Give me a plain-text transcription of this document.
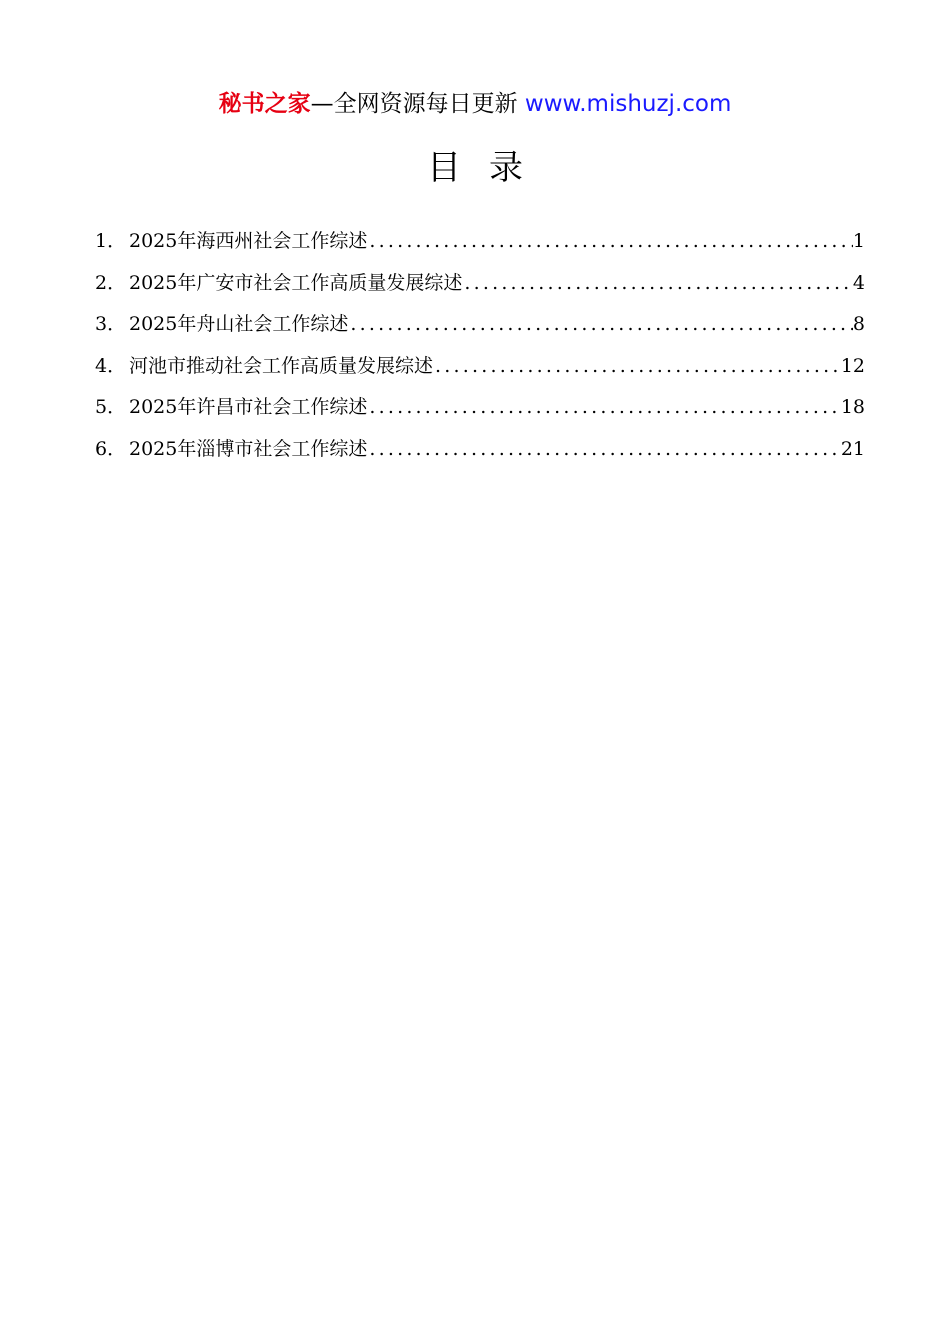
秘书之家—全网资源每日更新 www.mishuzj.com
目录
1． 2025年海西州社会工作综述 .....	1
2． 2025年广安市社会工作高质量发展综述 .....	4
3． 2025年舟山社会工作综述 .....	8
4． 河池市推动社会工作高质量发展综述 .....	12
5． 2025年许昌市社会工作综述 .....	18
6． 2025年淄博市社会工作综述 .....	21
